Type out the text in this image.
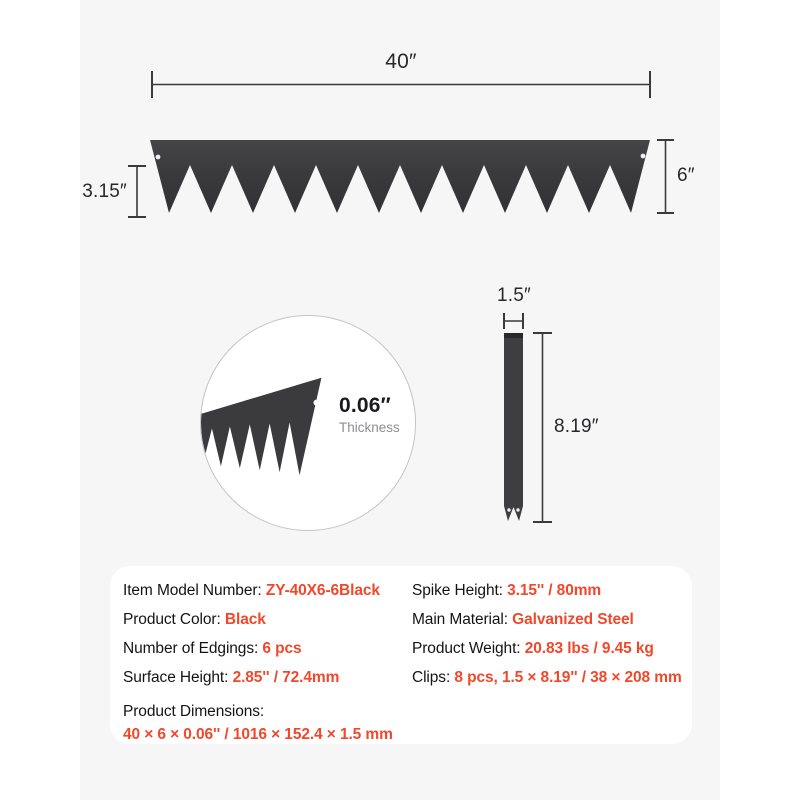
40″
3.15″
6″
1.5″
8.19″
0.06″
Thickness
Item Model Number: ZY-40X6-6Black	Spike Height: 3.15'' / 80mm
Product Color: Black	Main Material: Galvanized Steel
Number of Edgings: 6 pcs	Product Weight: 20.83 lbs / 9.45 kg
Surface Height: 2.85'' / 72.4mm	Clips: 8 pcs, 1.5 × 8.19'' / 38 × 208 mm
Product Dimensions:
40 × 6 × 0.06'' / 1016 × 152.4 × 1.5 mm
